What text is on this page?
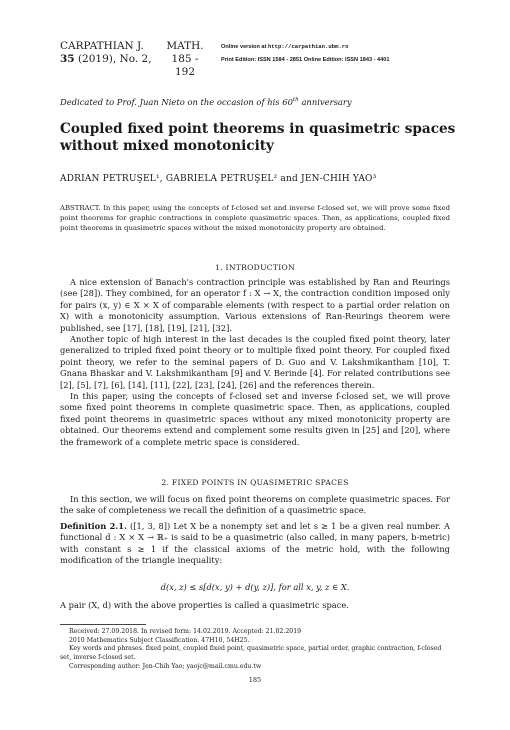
CARPATHIAN J.
35 (2019), No. 2,
MATH.
185 - 192
Online version at http://carpathian.ubm.ro
Print Edition: ISSN 1584 - 2851 Online Edition: ISSN 1843 - 4401
Dedicated to Prof. Juan Nieto on the occasion of his 60th anniversary
Coupled fixed point theorems in quasimetric spaces
without mixed monotonicity
ADRIAN PETRUŞEL¹, GABRIELA PETRUŞEL² and JEN-CHIH YAO³
ABSTRACT. In this paper, using the concepts of f-closed set and inverse f-closed set, we will prove some fixed point theorems for graphic contractions in complete quasimetric spaces. Then, as applications, coupled fixed point theorems in quasimetric spaces without the mixed monotonicity property are obtained.
1. INTRODUCTION

A nice extension of Banach's contraction principle was established by Ran and Reurings (see [28]). They combined, for an operator f : X → X, the contraction condition imposed only for pairs (x, y) ∈ X × X of comparable elements (with respect to a partial order relation on X) with a monotonicity assumption. Various extensions of Ran-Reurings theorem were published, see [17], [18], [19], [21], [32].

Another topic of high interest in the last decades is the coupled fixed point theory, later generalized to tripled fixed point theory or to multiple fixed point theory. For coupled fixed point theory, we refer to the seminal papers of D. Guo and V. Lakshmikantham [10], T. Gnana Bhaskar and V. Lakshmikantham [9] and V. Berinde [4]. For related contributions see [2], [5], [7], [6], [14], [11], [22], [23], [24], [26] and the references therein.

In this paper, using the concepts of f-closed set and inverse f-closed set, we will prove some fixed point theorems in complete quasimetric space. Then, as applications, coupled fixed point theorems in quasimetric spaces without any mixed monotonicity property are obtained. Our theorems extend and complement some results given in [25] and [20], where the framework of a complete metric space is considered.

2. FIXED POINTS IN QUASIMETRIC SPACES

In this section, we will focus on fixed point theorems on complete quasimetric spaces. For the sake of completeness we recall the definition of a quasimetric space.

Definition 2.1. ([1, 3, 8]) Let X be a nonempty set and let s ≥ 1 be a given real number. A functional d : X × X → ℝ₊ is said to be a quasimetric (also called, in many papers, b-metric) with constant s ≥ 1 if the classical axioms of the metric hold, with the following modification of the triangle inequality:

d(x, z) ≤ s[d(x, y) + d(y, z)], for all x, y, z ∈ X.
A pair (X, d) with the above properties is called a quasimetric space.

Received: 27.09.2018. In revised form: 14.02.2019. Accepted: 21.02.2019

2010 Mathematics Subject Classification. 47H10, 54H25.

Key words and phrases. fixed point, coupled fixed point, quasimetric space, partial order, graphic contraction, f-closed set, inverse f-closed set.

Corresponding author: Jen-Chih Yao; yaojc@mail.cmu.edu.tw

185
